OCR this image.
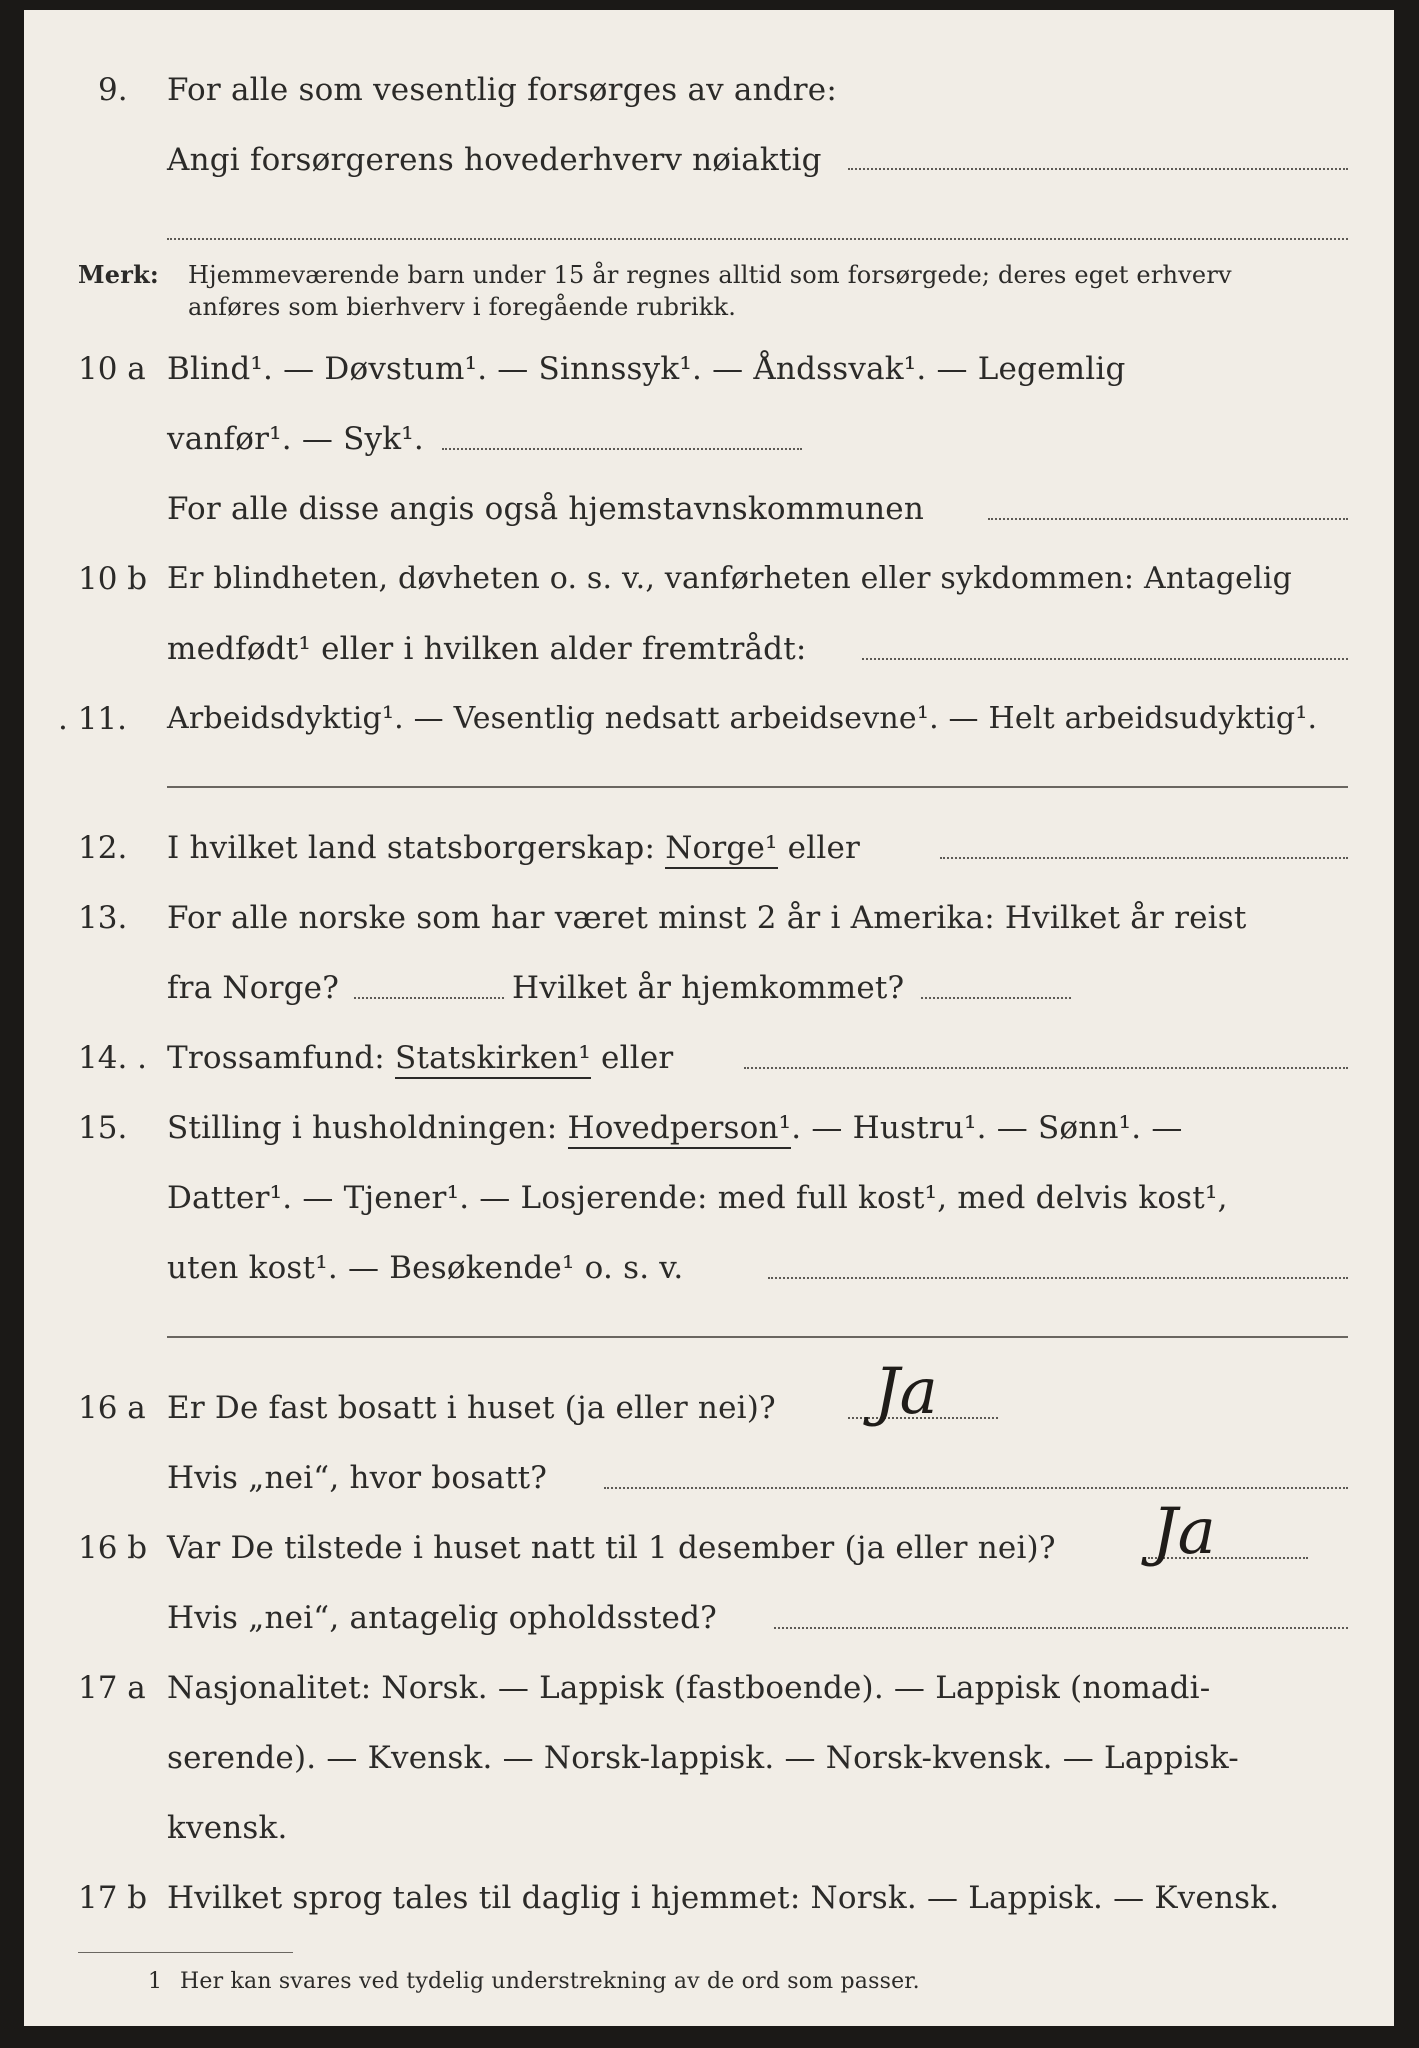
9. For alle som vesentlig forsørges av andre:
Angi forsørgerens hovederhverv nøiaktig
Merk: Hjemmeværende barn under 15 år regnes alltid som forsørgede; deres eget erhverv
anføres som bierhverv i foregående rubrikk.
10 a Blind¹. — Døvstum¹. — Sinnssyk¹. — Åndssvak¹. — Legemlig
vanfør¹. — Syk¹.
For alle disse angis også hjemstavnskommunen
10 b Er blindheten, døvheten o. s. v., vanførheten eller sykdommen: Antagelig
medfødt¹ eller i hvilken alder fremtrådt:
. 11. Arbeidsdyktig¹. — Vesentlig nedsatt arbeidsevne¹. — Helt arbeidsudyktig¹.
12. I hvilket land statsborgerskap: Norge¹ eller
13. For alle norske som har været minst 2 år i Amerika: Hvilket år reist
fra Norge?	Hvilket år hjemkommet?
14. . Trossamfund: Statskirken¹ eller
15. Stilling i husholdningen: Hovedperson¹. — Hustru¹. — Sønn¹. —
Datter¹. — Tjener¹. — Losjerende: med full kost¹, med delvis kost¹,
uten kost¹. — Besøkende¹ o. s. v.
16 a Er De fast bosatt i huset (ja eller nei)? Ja
Hvis „nei“, hvor bosatt?
16 b Var De tilstede i huset natt til 1 desember (ja eller nei)? Ja
Hvis „nei“, antagelig opholdssted?
17 a Nasjonalitet: Norsk. — Lappisk (fastboende). — Lappisk (nomadi-
serende). — Kvensk. — Norsk-lappisk. — Norsk-kvensk. — Lappisk-
kvensk.
17 b Hvilket sprog tales til daglig i hjemmet: Norsk. — Lappisk. — Kvensk.
1 Her kan svares ved tydelig understrekning av de ord som passer.
